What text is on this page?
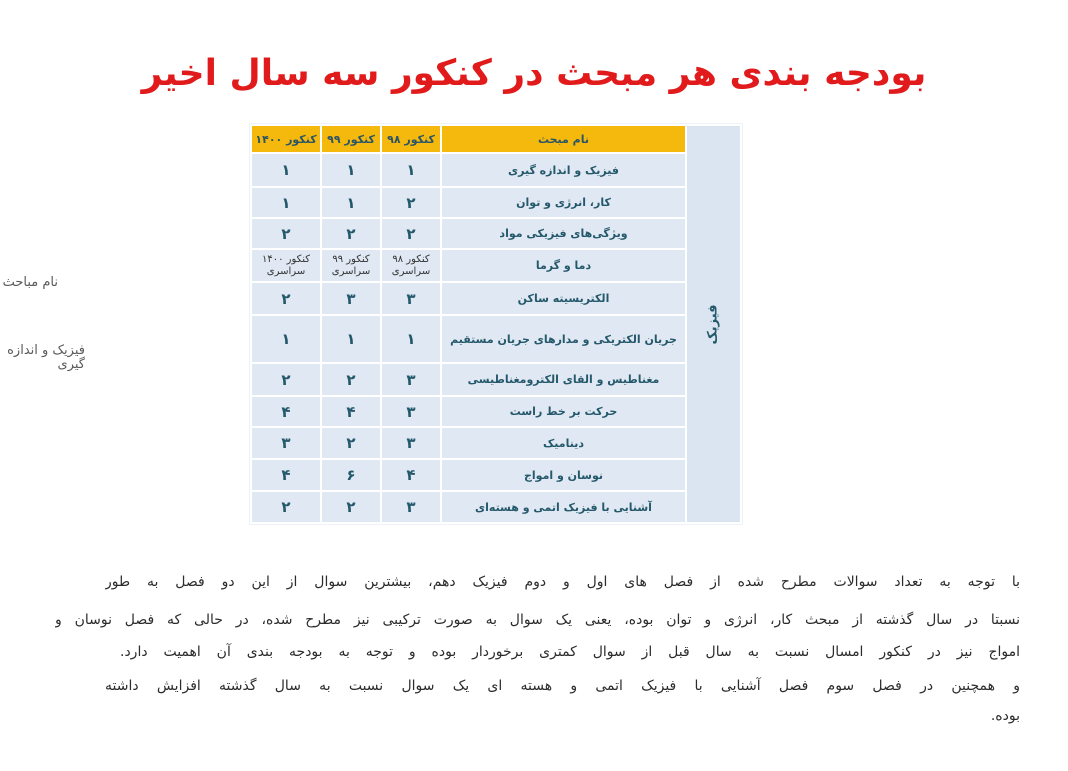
بودجه بندی هر مبحث در کنکور سه سال اخیر
نام مباحث
فیزیک و اندازه گیری
فیزیک	نام مبحث	کنکور ۹۸	کنکور ۹۹	کنکور ۱۴۰۰
	فیزیک و اندازه گیری	۱	۱	۱
	کار، انرژی و توان	۲	۱	۱
	ویژگی‌های فیزیکی مواد	۲	۲	۲
	دما و گرما	کنکور ۹۸ سراسری	کنکور ۹۹ سراسری	کنکور ۱۴۰۰ سراسری
	الکتریسیته ساکن	۳	۳	۲
	جریان الکتریکی و مدارهای جریان مستقیم	۱	۱	۱
	مغناطیس و القای الکترومغناطیسی	۳	۲	۲
	حرکت بر خط راست	۳	۴	۴
	دینامیک	۳	۲	۳
	نوسان و امواج	۴	۶	۴
	آشنایی با فیزیک اتمی و هسته‌ای	۳	۲	۲
با توجه به تعداد سوالات مطرح شده از فصل های اول و دوم فیزیک دهم، بیشترین سوال از این دو فصل به طور
نسبتا در سال گذشته از مبحث کار، انرژی و توان بوده، یعنی یک سوال به صورت ترکیبی نیز مطرح شده، در حالی که فصل نوسان و
امواج نیز در کنکور امسال نسبت به سال قبل از سوال کمتری برخوردار بوده و توجه به بودجه بندی آن اهمیت دارد.
و همچنین در فصل سوم فصل آشنایی با فیزیک اتمی و هسته ای یک سوال نسبت به سال گذشته افزایش داشته
بوده.
